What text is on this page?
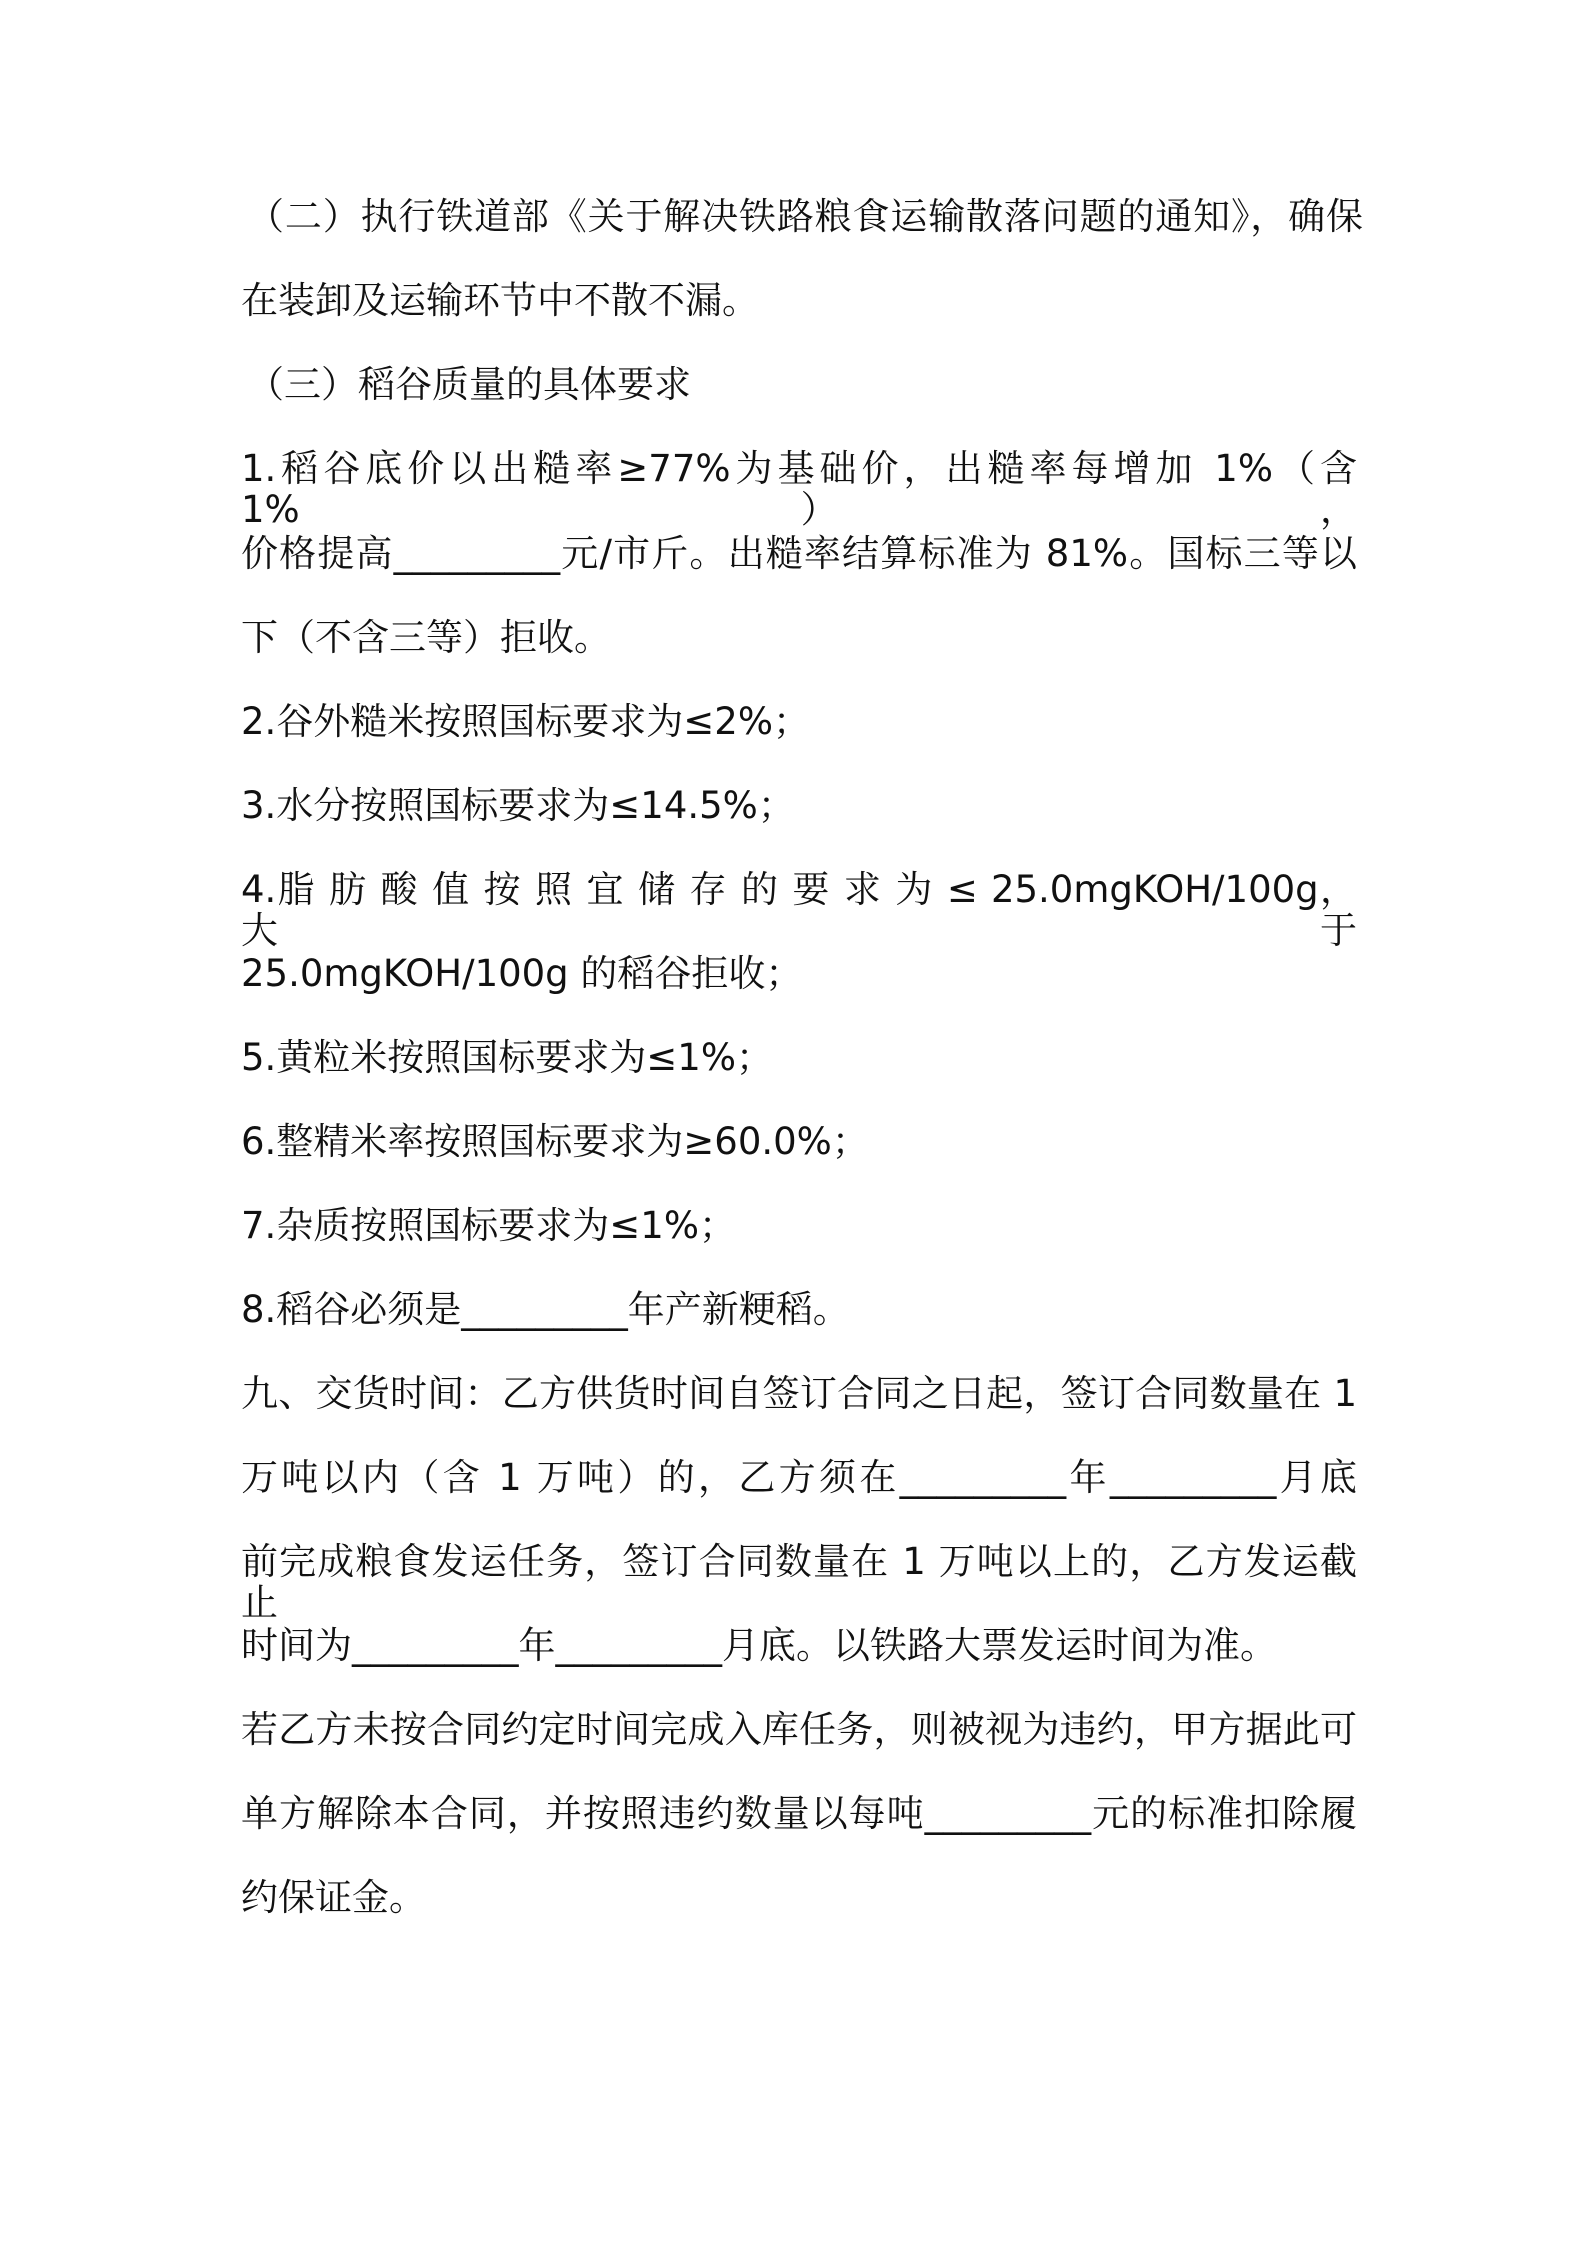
（二）执行铁道部《关于解决铁路粮食运输散落问题的通知》，确保
在装卸及运输环节中不散不漏。
（三）稻谷质量的具体要求
1.稻谷底价以出糙率≥77%为基础价，出糙率每增加 1%（含 1%），
价格提高_________元/市斤。出糙率结算标准为 81%。国标三等以
下（不含三等）拒收。
2.谷外糙米按照国标要求为≤2%；
3.水分按照国标要求为≤14.5%；
4.脂 肪 酸 值 按 照 宜 储 存 的 要 求 为 ≤ 25.0mgKOH/100g， 大 于
25.0mgKOH/100g 的稻谷拒收；
5.黄粒米按照国标要求为≤1%；
6.整精米率按照国标要求为≥60.0%；
7.杂质按照国标要求为≤1%；
8.稻谷必须是_________年产新粳稻。
九、交货时间：乙方供货时间自签订合同之日起，签订合同数量在 1
万吨以内（含 1 万吨）的，乙方须在_________年_________月底
前完成粮食发运任务，签订合同数量在 1 万吨以上的，乙方发运截止
时间为_________年_________月底。以铁路大票发运时间为准。
若乙方未按合同约定时间完成入库任务，则被视为违约，甲方据此可
单方解除本合同，并按照违约数量以每吨_________元的标准扣除履
约保证金。
